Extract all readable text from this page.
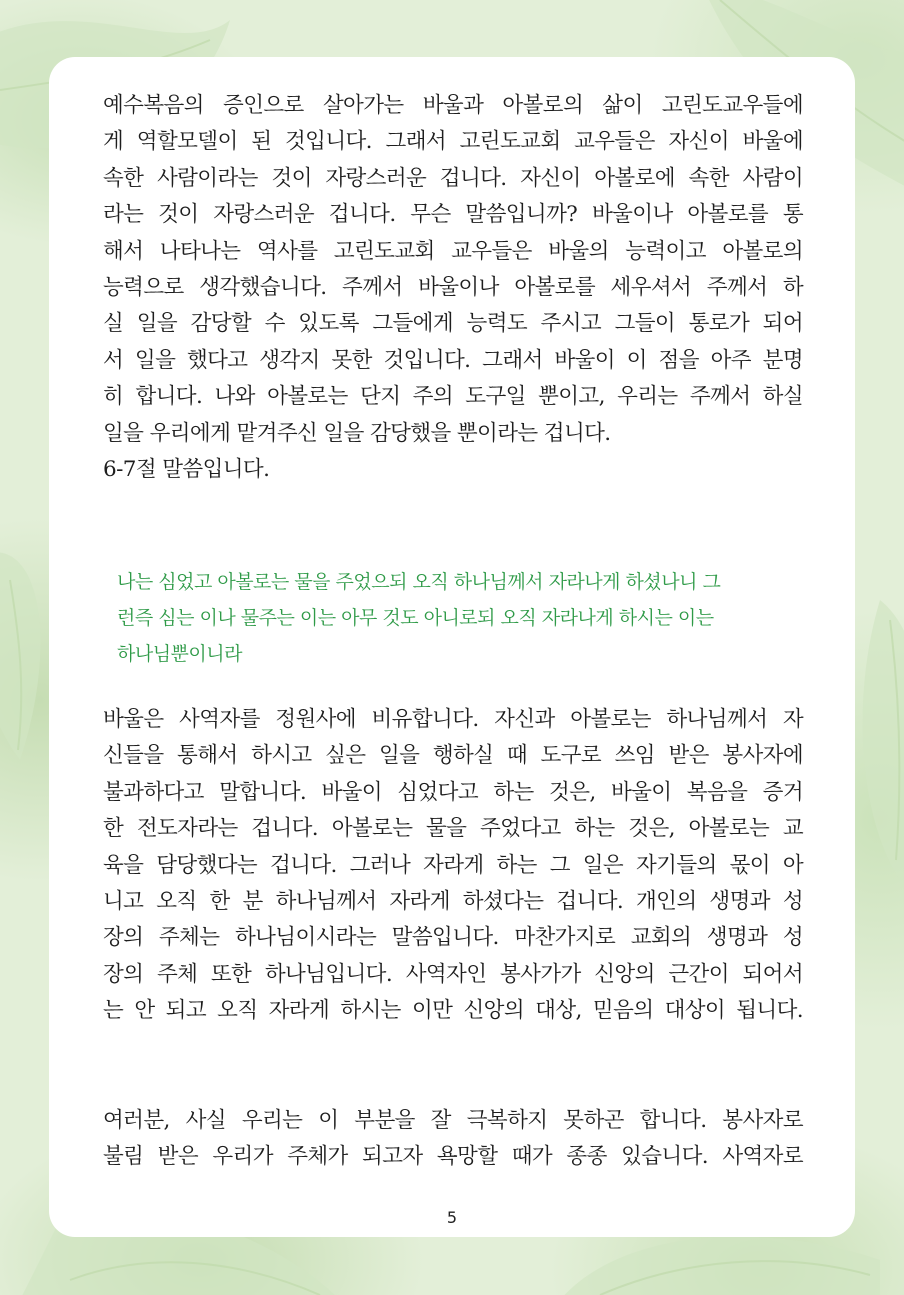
예수복음의 증인으로 살아가는 바울과 아볼로의 삶이 고린도교우들에
게 역할모델이 된 것입니다. 그래서 고린도교회 교우들은 자신이 바울에
속한 사람이라는 것이 자랑스러운 겁니다. 자신이 아볼로에 속한 사람이
라는 것이 자랑스러운 겁니다. 무슨 말씀입니까? 바울이나 아볼로를 통
해서 나타나는 역사를 고린도교회 교우들은 바울의 능력이고 아볼로의
능력으로 생각했습니다. 주께서 바울이나 아볼로를 세우셔서 주께서 하
실 일을 감당할 수 있도록 그들에게 능력도 주시고 그들이 통로가 되어
서 일을 했다고 생각지 못한 것입니다. 그래서 바울이 이 점을 아주 분명
히 합니다. 나와 아볼로는 단지 주의 도구일 뿐이고, 우리는 주께서 하실
일을 우리에게 맡겨주신 일을 감당했을 뿐이라는 겁니다.
6-7절 말씀입니다.
나는 심었고 아볼로는 물을 주었으되 오직 하나님께서 자라나게 하셨나니 그
런즉 심는 이나 물주는 이는 아무 것도 아니로되 오직 자라나게 하시는 이는
하나님뿐이니라
바울은 사역자를 정원사에 비유합니다. 자신과 아볼로는 하나님께서 자
신들을 통해서 하시고 싶은 일을 행하실 때 도구로 쓰임 받은 봉사자에
불과하다고 말합니다. 바울이 심었다고 하는 것은, 바울이 복음을 증거
한 전도자라는 겁니다. 아볼로는 물을 주었다고 하는 것은, 아볼로는 교
육을 담당했다는 겁니다. 그러나 자라게 하는 그 일은 자기들의 몫이 아
니고 오직 한 분 하나님께서 자라게 하셨다는 겁니다. 개인의 생명과 성
장의 주체는 하나님이시라는 말씀입니다. 마찬가지로 교회의 생명과 성
장의 주체 또한 하나님입니다. 사역자인 봉사가가 신앙의 근간이 되어서
는 안 되고 오직 자라게 하시는 이만 신앙의 대상, 믿음의 대상이 됩니다.
여러분, 사실 우리는 이 부분을 잘 극복하지 못하곤 합니다. 봉사자로
불림 받은 우리가 주체가 되고자 욕망할 때가 종종 있습니다. 사역자로
5
